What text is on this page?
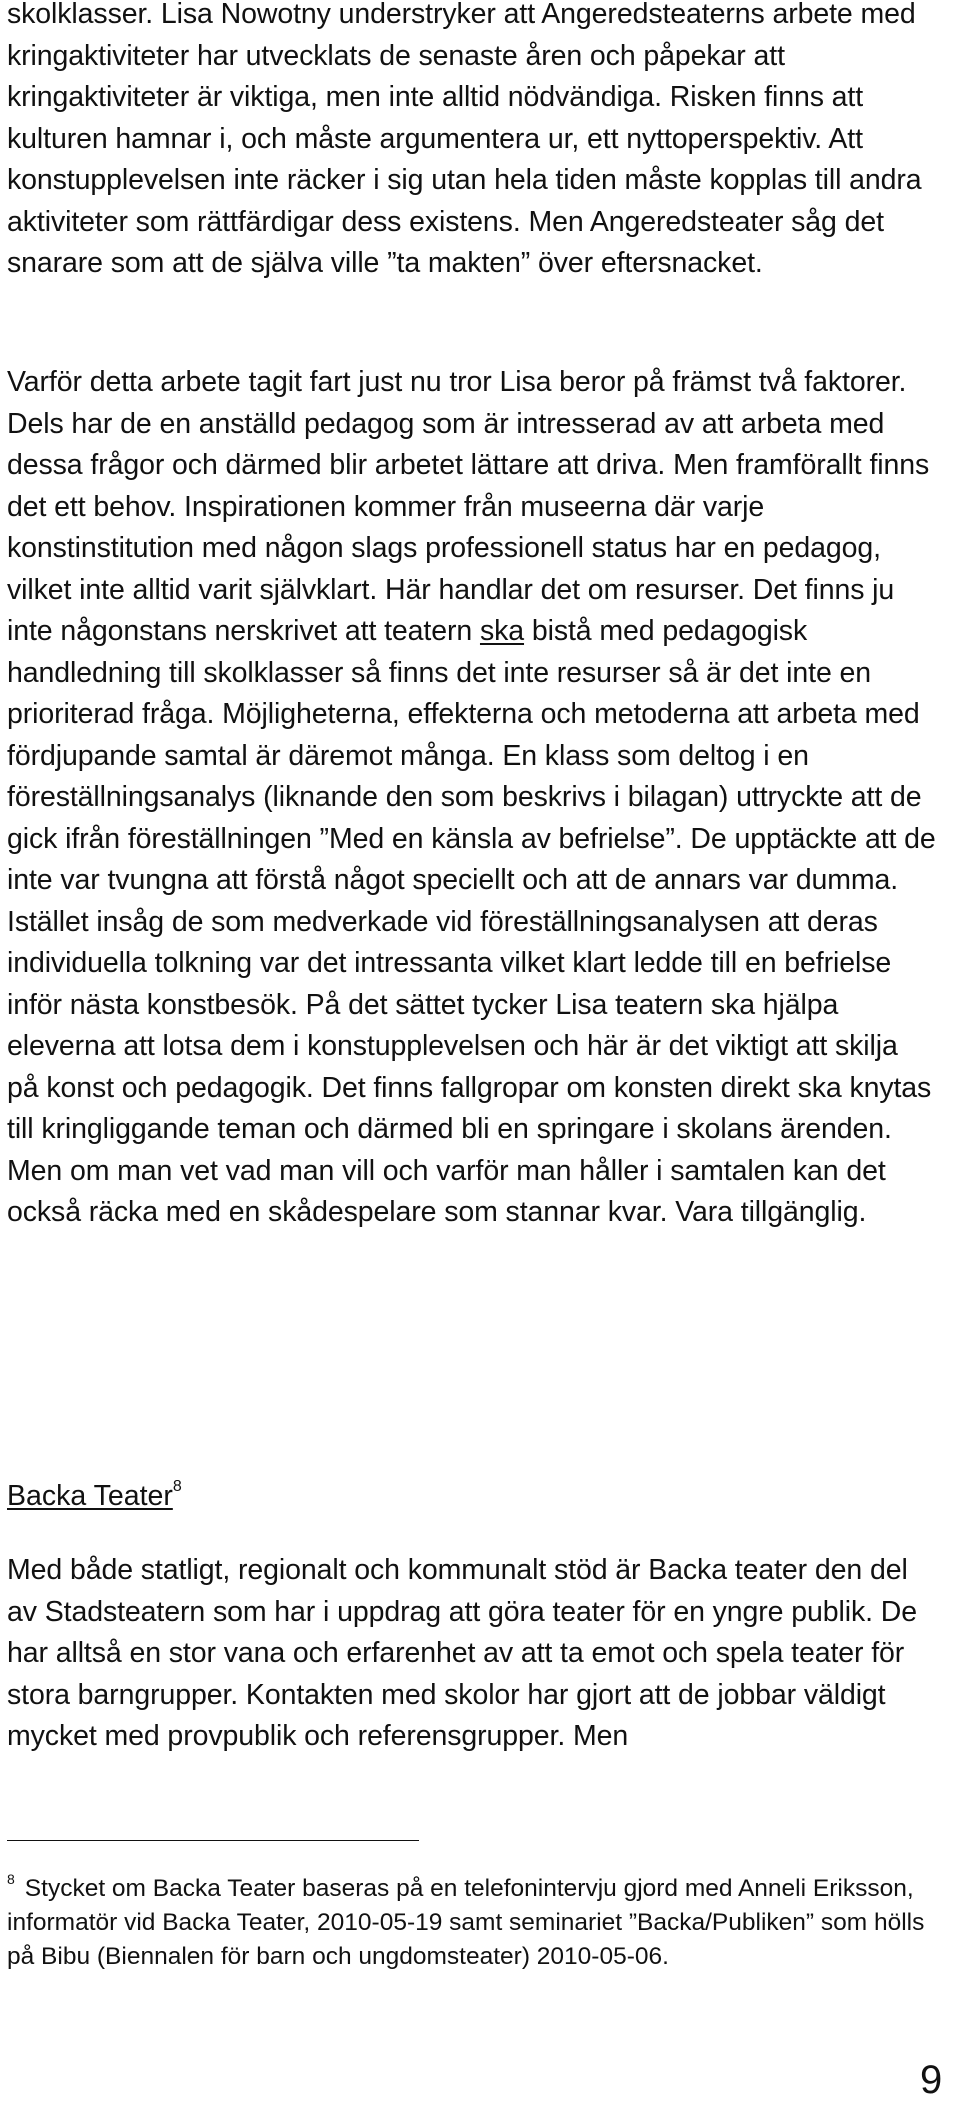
skolklasser. Lisa Nowotny understryker att Angeredsteaterns arbete med kringaktiviteter har utvecklats de senaste åren och påpekar att kringaktiviteter är viktiga, men inte alltid nödvändiga. Risken finns att kulturen hamnar i, och måste argumentera ur, ett nyttoperspektiv. Att konstupplevelsen inte räcker i sig utan hela tiden måste kopplas till andra aktiviteter som rättfärdigar dess existens. Men Angeredsteater såg det snarare som att de själva ville ”ta makten” över eftersnacket.

Varför detta arbete tagit fart just nu tror Lisa beror på främst två faktorer. Dels har de en anställd pedagog som är intresserad av att arbeta med dessa frågor och därmed blir arbetet lättare att driva. Men framförallt finns det ett behov. Inspirationen kommer från museerna där varje konstinstitution med någon slags professionell status har en pedagog, vilket inte alltid varit självklart. Här handlar det om resurser. Det finns ju inte någonstans nerskrivet att teatern ska bistå med pedagogisk handledning till skolklasser så finns det inte resurser så är det inte en prioriterad fråga. Möjligheterna, effekterna och metoderna att arbeta med fördjupande samtal är däremot många. En klass som deltog i en föreställningsanalys (liknande den som beskrivs i bilagan) uttryckte att de gick ifrån föreställningen ”Med en känsla av befrielse”. De upptäckte att de inte var tvungna att förstå något speciellt och att de annars var dumma. Istället insåg de som medverkade vid föreställningsanalysen att deras individuella tolkning var det intressanta vilket klart ledde till en befrielse inför nästa konstbesök. På det sättet tycker Lisa teatern ska hjälpa eleverna att lotsa dem i konstupplevelsen och här är det viktigt att skilja på konst och pedagogik. Det finns fallgropar om konsten direkt ska knytas till kringliggande teman och därmed bli en springare i skolans ärenden. Men om man vet vad man vill och varför man håller i samtalen kan det också räcka med en skådespelare som stannar kvar. Vara tillgänglig.

Backa Teater$^8$

Med både statligt, regionalt och kommunalt stöd är Backa teater den del av Stadsteatern som har i uppdrag att göra teater för en yngre publik. De har alltså en stor vana och erfarenhet av att ta emot och spela teater för stora barngrupper. Kontakten med skolor har gjort att de jobbar väldigt mycket med provpublik och referensgrupper. Men

$^8$ Stycket om Backa Teater baseras på en telefonintervju gjord med Anneli Eriksson, informatör vid Backa Teater, 2010-05-19 samt seminariet ”Backa/Publiken” som hölls på Bibu (Biennalen för barn och ungdomsteater) 2010-05-06.

9
